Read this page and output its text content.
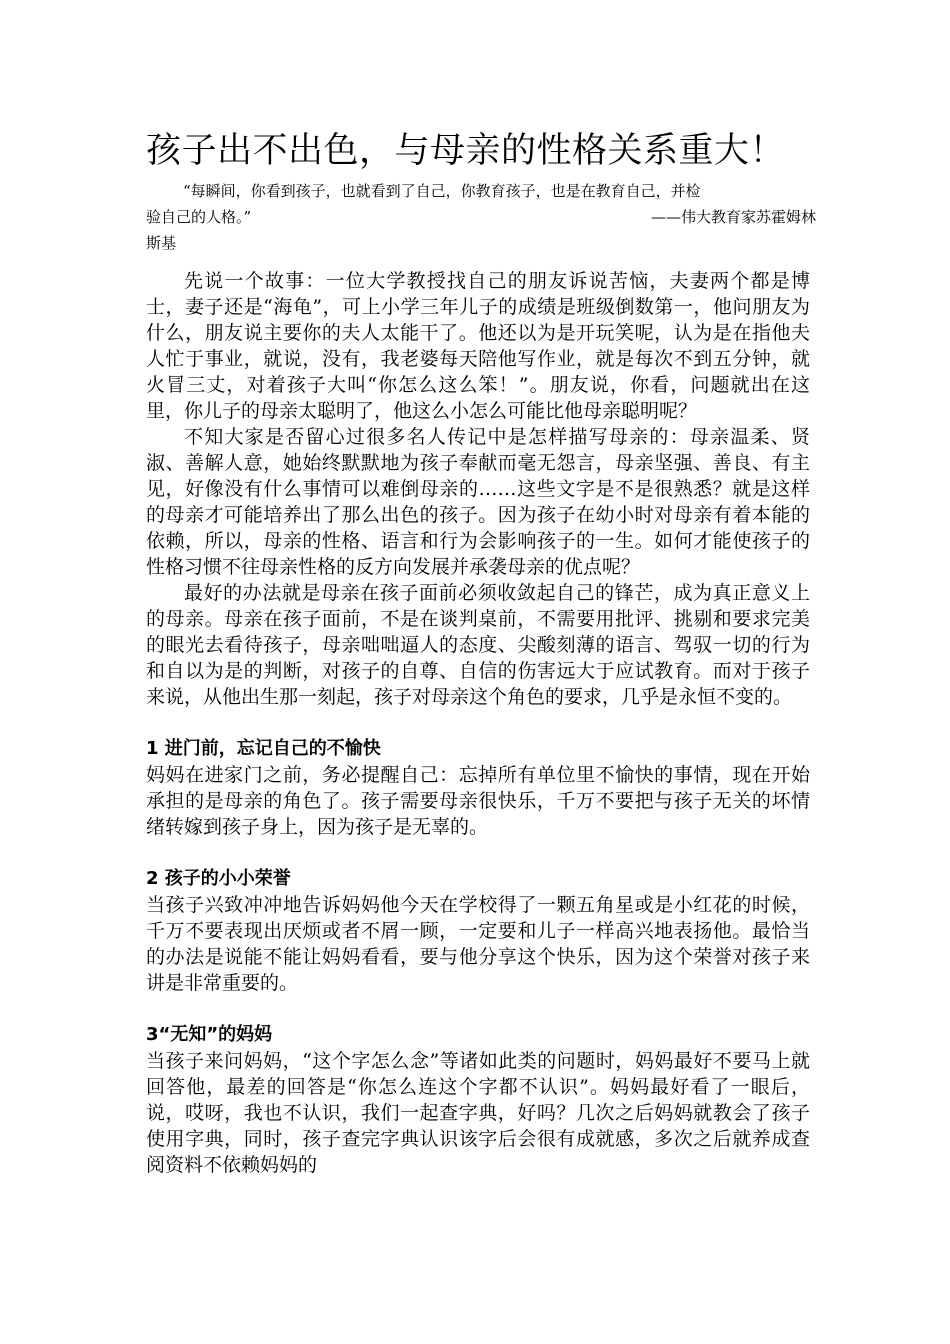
孩子出不出色，与母亲的性格关系重大！
“每瞬间，你看到孩子，也就看到了自己，你教育孩子，也是在教育自己，并检
验自己的人格。”	——伟大教育家苏霍姆林
斯基

先说一个故事：一位大学教授找自己的朋友诉说苦恼，夫妻两个都是博士，妻子还是“海龟”，可上小学三年儿子的成绩是班级倒数第一，他问朋友为什么，朋友说主要你的夫人太能干了。他还以为是开玩笑呢，认为是在指他夫人忙于事业，就说，没有，我老婆每天陪他写作业，就是每次不到五分钟，就火冒三丈，对着孩子大叫“你怎么这么笨！”。朋友说，你看，问题就出在这里，你儿子的母亲太聪明了，他这么小怎么可能比他母亲聪明呢？

不知大家是否留心过很多名人传记中是怎样描写母亲的：母亲温柔、贤淑、善解人意，她始终默默地为孩子奉献而毫无怨言，母亲坚强、善良、有主见，好像没有什么事情可以难倒母亲的……这些文字是不是很熟悉？就是这样的母亲才可能培养出了那么出色的孩子。因为孩子在幼小时对母亲有着本能的依赖，所以，母亲的性格、语言和行为会影响孩子的一生。如何才能使孩子的性格习惯不往母亲性格的反方向发展并承袭母亲的优点呢？

最好的办法就是母亲在孩子面前必须收敛起自己的锋芒，成为真正意义上的母亲。母亲在孩子面前，不是在谈判桌前，不需要用批评、挑剔和要求完美的眼光去看待孩子，母亲咄咄逼人的态度、尖酸刻薄的语言、驾驭一切的行为和自以为是的判断，对孩子的自尊、自信的伤害远大于应试教育。而对于孩子来说，从他出生那一刻起，孩子对母亲这个角色的要求，几乎是永恒不变的。

1 进门前，忘记自己的不愉快

妈妈在进家门之前，务必提醒自己：忘掉所有单位里不愉快的事情，现在开始承担的是母亲的角色了。孩子需要母亲很快乐，千万不要把与孩子无关的坏情绪转嫁到孩子身上，因为孩子是无辜的。

2 孩子的小小荣誉

当孩子兴致冲冲地告诉妈妈他今天在学校得了一颗五角星或是小红花的时候，千万不要表现出厌烦或者不屑一顾，一定要和儿子一样高兴地表扬他。最恰当的办法是说能不能让妈妈看看，要与他分享这个快乐，因为这个荣誉对孩子来讲是非常重要的。

3“无知”的妈妈

当孩子来问妈妈，“这个字怎么念”等诸如此类的问题时，妈妈最好不要马上就回答他，最差的回答是“你怎么连这个字都不认识”。妈妈最好看了一眼后，说，哎呀，我也不认识，我们一起查字典，好吗？几次之后妈妈就教会了孩子使用字典，同时，孩子查完字典认识该字后会很有成就感，多次之后就养成查阅资料不依赖妈妈的
